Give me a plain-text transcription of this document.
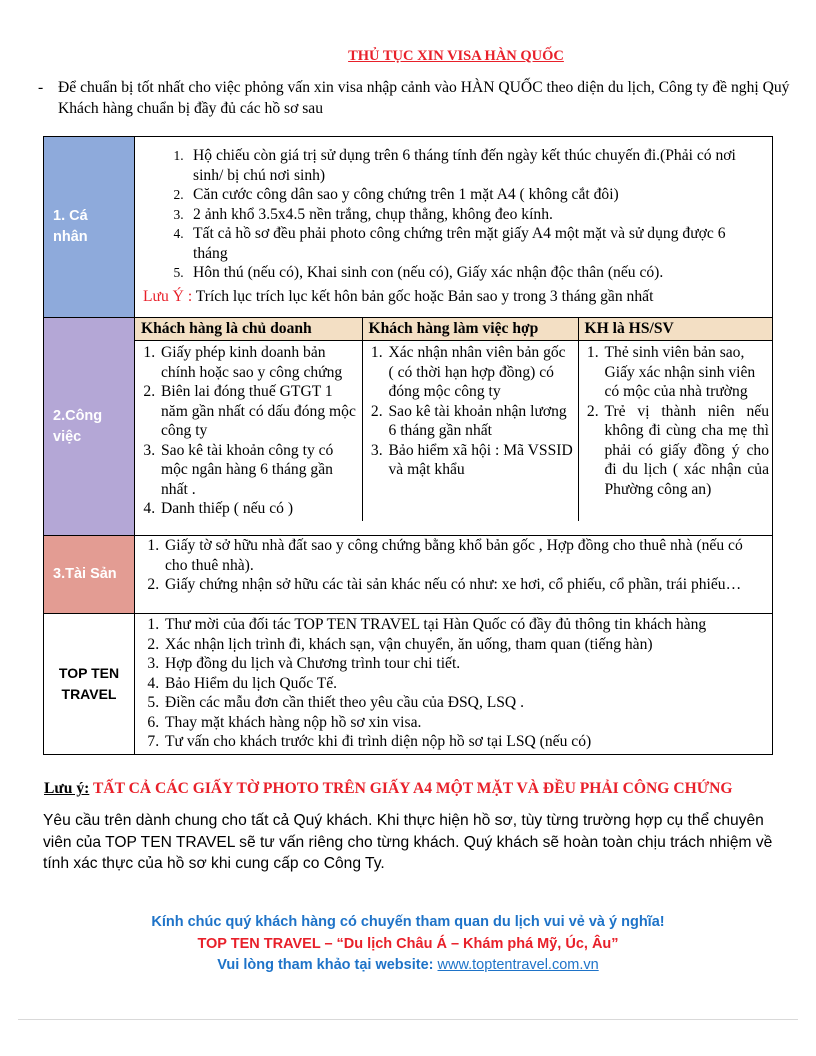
THỦ TỤC XIN VISA HÀN QUỐC
- Để chuẩn bị tốt nhất cho việc phỏng vấn xin visa nhập cảnh vào HÀN QUỐC theo diện du lịch, Công ty đề nghị Quý Khách hàng chuẩn bị đầy đủ các hồ sơ sau
1. Cá nhân

1. Hộ chiếu còn giá trị sử dụng trên 6 tháng tính đến ngày kết thúc chuyến đi.(Phải có nơi sinh/ bị chú nơi sinh)
2. Căn cước công dân sao y công chứng trên 1 mặt A4 ( không cắt đôi)
3. 2 ảnh khổ 3.5x4.5 nền trắng, chụp thẳng, không đeo kính.
4. Tất cả hồ sơ đều phải photo công chứng trên mặt giấy A4 một mặt và sử dụng được 6 tháng
5. Hôn thú (nếu có), Khai sinh con (nếu có), Giấy xác nhận độc thân (nếu có).
Lưu Ý : Trích lục trích lục kết hôn bản gốc hoặc Bản sao y trong 3 tháng gần nhất

2.Công việc

Khách hàng là chủ doanh	Khách hàng làm việc hợp	KH là HS/SV

1. Giấy phép kinh doanh bản chính hoặc sao y công chứng
2. Biên lai đóng thuế GTGT 1 năm gần nhất có dấu đóng mộc công ty
3. Sao kê tài khoản công ty có mộc ngân hàng 6 tháng gần nhất .
4. Danh thiếp ( nếu có )

1. Xác nhận nhân viên bản gốc ( có thời hạn hợp đồng) có đóng mộc công ty
2. Sao kê tài khoản nhận lương 6 tháng gần nhất
3. Bảo hiểm xã hội : Mã VSSID và mật khẩu

1. Thẻ sinh viên bản sao, Giấy xác nhận sinh viên có mộc của nhà trường
2. Trẻ vị thành niên nếu không đi cùng cha mẹ thì phải có giấy đồng ý cho đi du lịch ( xác nhận của Phường công an)

3.Tài Sản	
1. Giấy tờ sở hữu nhà đất sao y công chứng bằng khổ bản gốc , Hợp đồng cho thuê nhà (nếu có cho thuê nhà).
2. Giấy chứng nhận sở hữu các tài sản khác nếu có như: xe hơi, cổ phiếu, cổ phần, trái phiếu…

TOP TEN
TRAVEL

1. Thư mời của đối tác TOP TEN TRAVEL tại Hàn Quốc có đầy đủ thông tin khách hàng
2. Xác nhận lịch trình đi, khách sạn, vận chuyển, ăn uống, tham quan (tiếng hàn)
3. Hợp đồng du lịch và Chương trình tour chi tiết.
4. Bảo Hiểm du lịch Quốc Tế.
5. Điền các mẫu đơn cần thiết theo yêu cầu của ĐSQ, LSQ .
6. Thay mặt khách hàng nộp hồ sơ xin visa.
7. Tư vấn cho khách trước khi đi trình diện nộp hồ sơ tại LSQ (nếu có)
Lưu ý: TẤT CẢ CÁC GIẤY TỜ PHOTO TRÊN GIẤY A4 MỘT MẶT VÀ ĐỀU PHẢI CÔNG CHỨNG
Yêu cầu trên dành chung cho tất cả Quý khách. Khi thực hiện hồ sơ, tùy từng trường hợp cụ thể chuyên viên của TOP TEN TRAVEL sẽ tư vấn riêng cho từng khách. Quý khách sẽ hoàn toàn chịu trách nhiệm về tính xác thực của hồ sơ khi cung cấp co Công Ty.
Kính chúc quý khách hàng có chuyến tham quan du lịch vui vẻ và ý nghĩa!
TOP TEN TRAVEL – “Du lịch Châu Á – Khám phá Mỹ, Úc, Âu”
Vui lòng tham khảo tại website: www.toptentravel.com.vn
